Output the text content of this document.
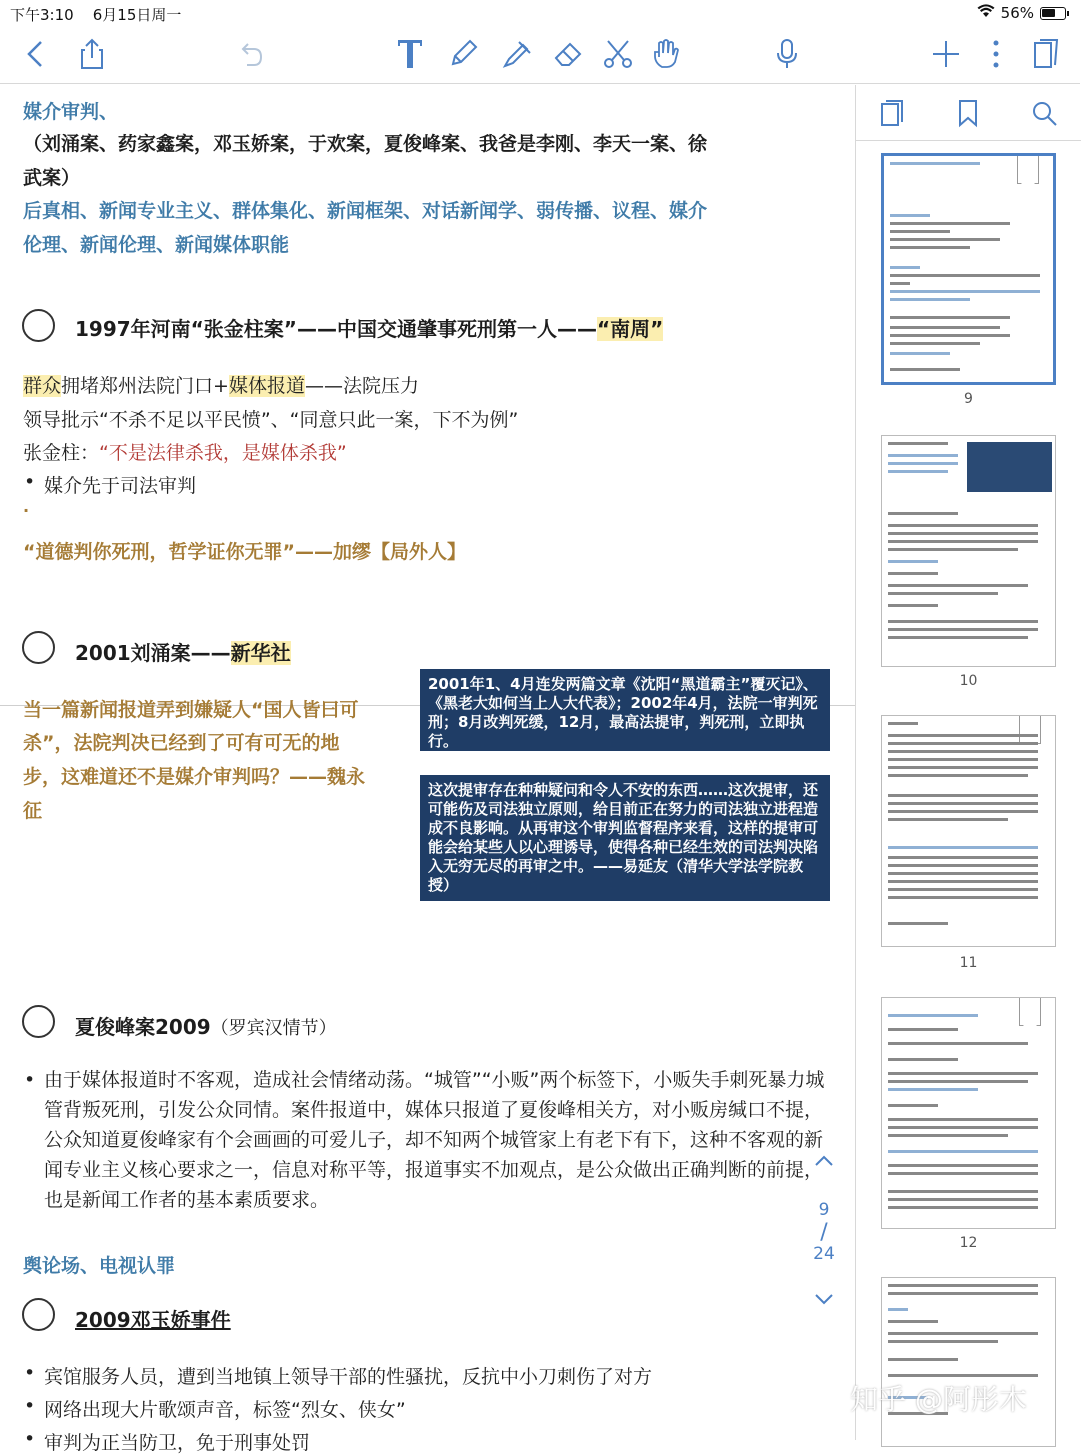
下午3:10 6月15日周一	56%
媒介审判、
（刘涌案、药家鑫案，邓玉娇案，于欢案，夏俊峰案、我爸是李刚、李天一案、徐
武案）
后真相、新闻专业主义、群体集化、新闻框架、对话新闻学、弱传播、议程、媒介
伦理、新闻伦理、新闻媒体职能
1997年河南“张金柱案”——中国交通肇事死刑第一人——“南周”
群众拥堵郑州法院门口+媒体报道——法院压力
领导批示“不杀不足以平民愤”、“同意只此一案，下不为例”
张金柱：“不是法律杀我，是媒体杀我”
• 媒介先于司法审判
·
“道德判你死刑，哲学证你无罪”——加缪【局外人】
2001刘涌案——新华社
当一篇新闻报道弄到嫌疑人“国人皆曰可
杀”，法院判决已经到了可有可无的地
步，这难道还不是媒介审判吗？——魏永
征
2001年1、4月连发两篇文章《沈阳“黑道霸主”覆灭记》、《黑老大如何当上人大代表》；2002年4月，法院一审判死刑；8月改判死缓，12月，最高法提审，判死刑，立即执行。
这次提审存在种种疑问和令人不安的东西……这次提审，还可能伤及司法独立原则，给目前正在努力的司法独立进程造成不良影响。从再审这个审判监督程序来看，这样的提审可能会给某些人以心理诱导，使得各种已经生效的司法判决陷入无穷无尽的再审之中。——易延友（清华大学法学院教授）
夏俊峰案2009（罗宾汉情节）
• 由于媒体报道时不客观，造成社会情绪动荡。“城管”“小贩”两个标签下，小贩失手刺死暴力城管背叛死刑，引发公众同情。案件报道中，媒体只报道了夏俊峰相关方，对小贩房缄口不提，公众知道夏俊峰家有个会画画的可爱儿子，却不知两个城管家上有老下有下，这种不客观的新闻专业主义核心要求之一，信息对称平等，报道事实不加观点，是公众做出正确判断的前提，也是新闻工作者的基本素质要求。
舆论场、电视认罪
2009邓玉娇事件
• 宾馆服务人员，遭到当地镇上领导干部的性骚扰，反抗中小刀刺伤了对方
• 网络出现大片歌颂声音，标签“烈女、侠女”
• 审判为正当防卫，免于刑事处罚
9
/
24
9
10
11
12
知乎 @阿彤木
